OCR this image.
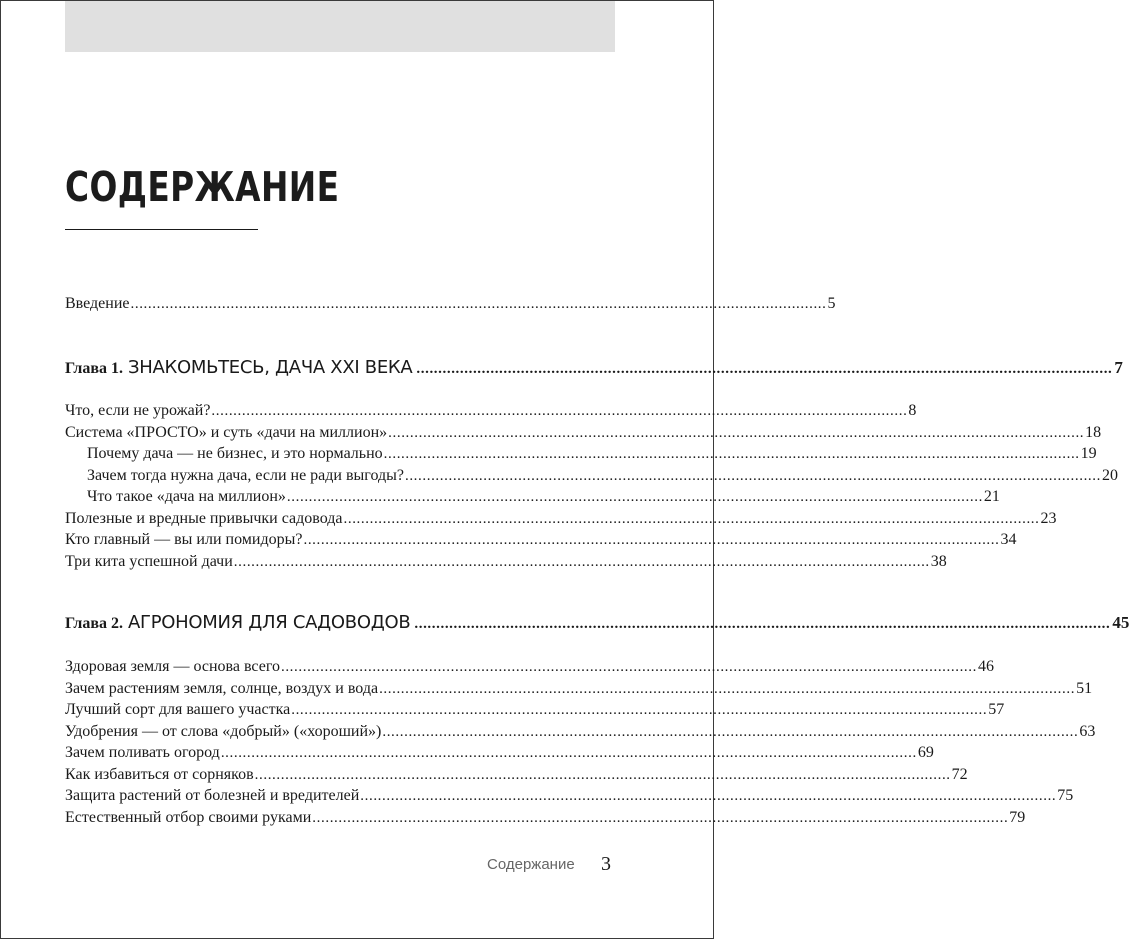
СОДЕРЖАНИЕ
Введение ................................................................................................................................................................ 5
Глава 1. ЗНАКОМЬТЕСЬ, ДАЧА XXI ВЕКА ................................................................................................................................................................ 7
Что, если не урожай? ................................................................................................................................................................ 8
Система «ПРОСТО» и суть «дачи на миллион» ................................................................................................................................................................ 18
Почему дача — не бизнес, и это нормально ................................................................................................................................................................ 19
Зачем тогда нужна дача, если не ради выгоды? ................................................................................................................................................................ 20
Что такое «дача на миллион» ................................................................................................................................................................ 21
Полезные и вредные привычки садовода ................................................................................................................................................................ 23
Кто главный — вы или помидоры? ................................................................................................................................................................ 34
Три кита успешной дачи ................................................................................................................................................................ 38
Глава 2. АГРОНОМИЯ ДЛЯ САДОВОДОВ ................................................................................................................................................................ 45
Здоровая земля — основа всего ................................................................................................................................................................ 46
Зачем растениям земля, солнце, воздух и вода ................................................................................................................................................................ 51
Лучший сорт для вашего участка ................................................................................................................................................................ 57
Удобрения — от слова «добрый» («хороший») ................................................................................................................................................................ 63
Зачем поливать огород ................................................................................................................................................................ 69
Как избавиться от сорняков ................................................................................................................................................................ 72
Защита растений от болезней и вредителей ................................................................................................................................................................ 75
Естественный отбор своими руками ................................................................................................................................................................ 79
Содержание 3
